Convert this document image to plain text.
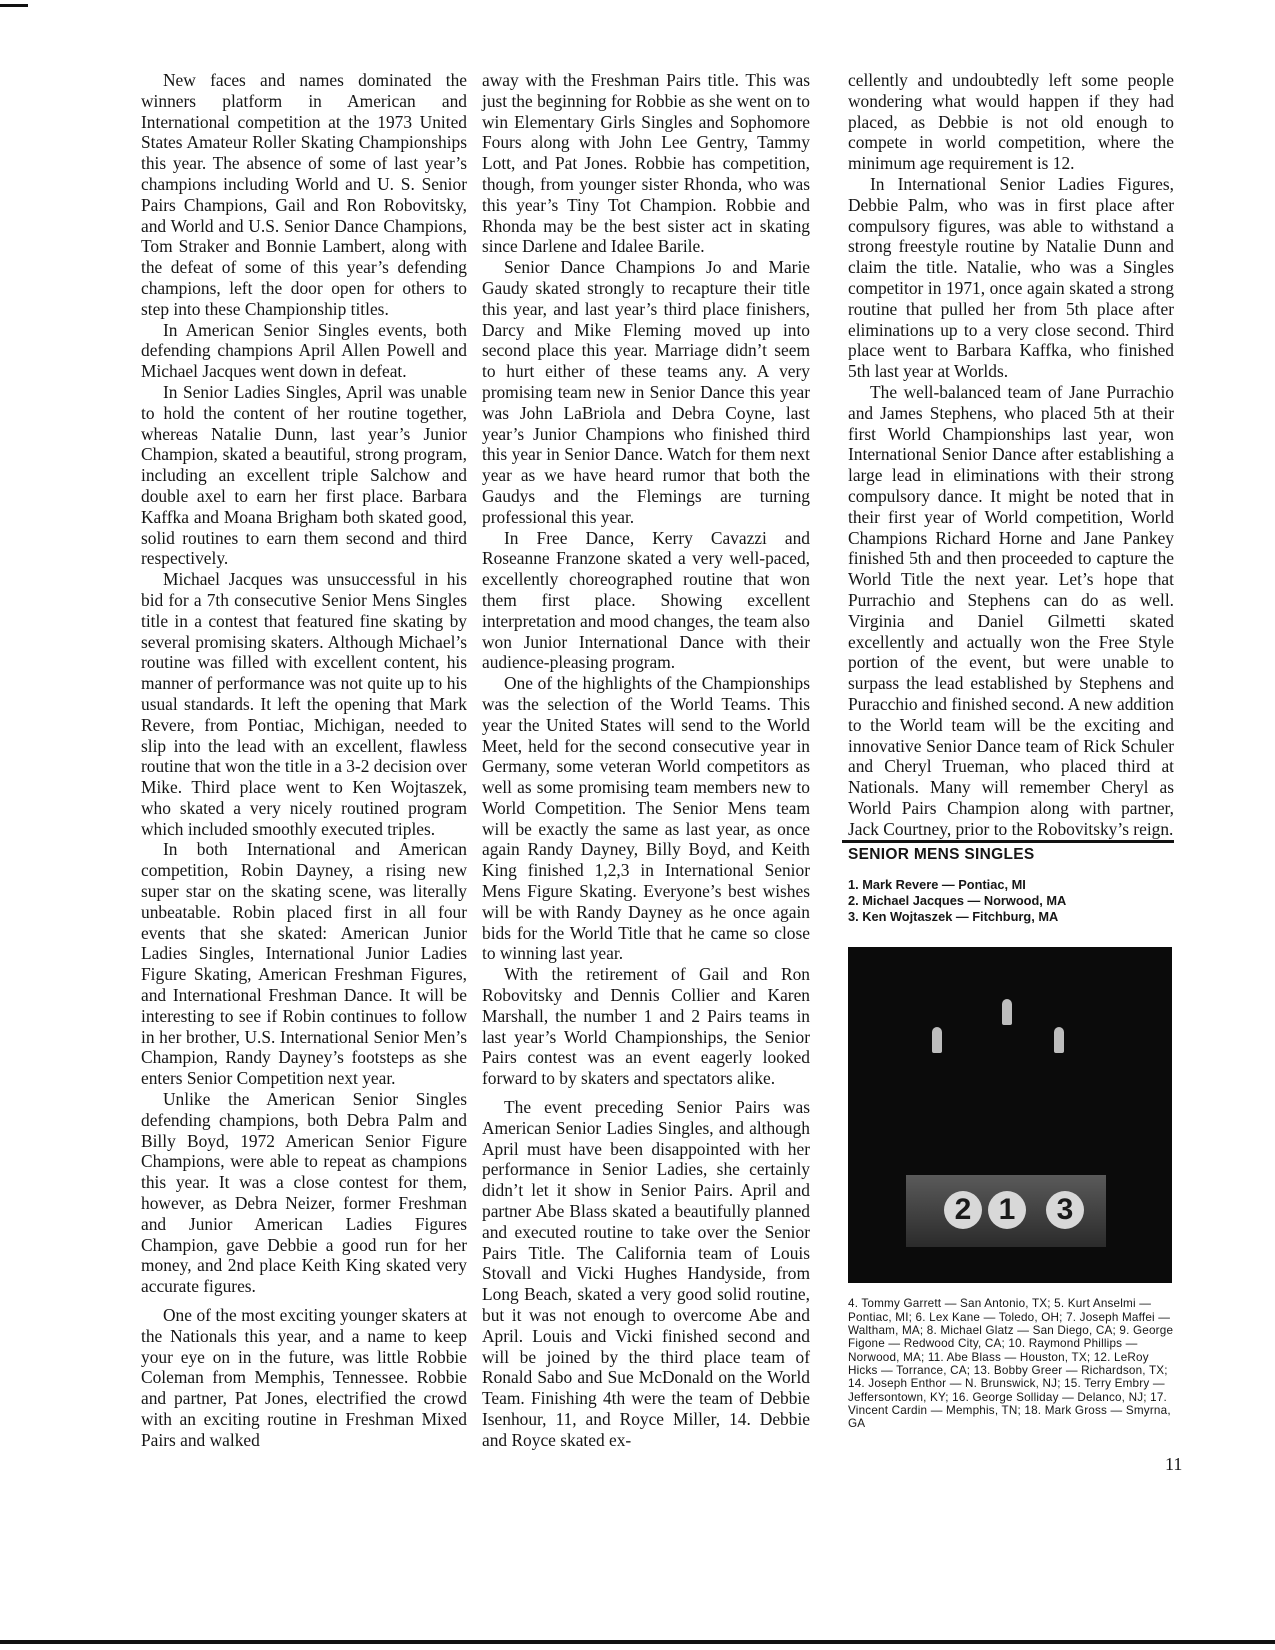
New faces and names dominated the winners platform in American and International competition at the 1973 United States Amateur Roller Skating Championships this year. The absence of some of last year’s champions including World and U. S. Senior Pairs Champions, Gail and Ron Robovitsky, and World and U.S. Senior Dance Champions, Tom Straker and Bonnie Lambert, along with the defeat of some of this year’s defending champions, left the door open for others to step into these Championship titles.

In American Senior Singles events, both defending champions April Allen Powell and Michael Jacques went down in defeat.

In Senior Ladies Singles, April was unable to hold the content of her routine together, whereas Natalie Dunn, last year’s Junior Champion, skated a beautiful, strong program, including an excellent triple Salchow and double axel to earn her first place. Barbara Kaffka and Moana Brigham both skated good, solid routines to earn them second and third respectively.

Michael Jacques was unsuccessful in his bid for a 7th consecutive Senior Mens Singles title in a contest that featured fine skating by several promising skaters. Although Michael’s routine was filled with excellent content, his manner of performance was not quite up to his usual standards. It left the opening that Mark Revere, from Pontiac, Michigan, needed to slip into the lead with an excellent, flawless routine that won the title in a 3-2 decision over Mike. Third place went to Ken Wojtaszek, who skated a very nicely routined program which included smoothly executed triples.

In both International and American competition, Robin Dayney, a rising new super star on the skating scene, was literally unbeatable. Robin placed first in all four events that she skated: American Junior Ladies Singles, International Junior Ladies Figure Skating, American Freshman Figures, and International Freshman Dance. It will be interesting to see if Robin continues to follow in her brother, U.S. International Senior Men’s Champion, Randy Dayney’s footsteps as she enters Senior Competition next year.

Unlike the American Senior Singles defending champions, both Debra Palm and Billy Boyd, 1972 American Senior Figure Champions, were able to repeat as champions this year. It was a close contest for them, however, as Debra Neizer, former Freshman and Junior American Ladies Figures Champion, gave Debbie a good run for her money, and 2nd place Keith King skated very accurate figures.

One of the most exciting younger skaters at the Nationals this year, and a name to keep your eye on in the future, was little Robbie Coleman from Memphis, Tennessee. Robbie and partner, Pat Jones, electrified the crowd with an exciting routine in Freshman Mixed Pairs and walked

away with the Freshman Pairs title. This was just the beginning for Robbie as she went on to win Elementary Girls Singles and Sophomore Fours along with John Lee Gentry, Tammy Lott, and Pat Jones. Robbie has competition, though, from younger sister Rhonda, who was this year’s Tiny Tot Champion. Robbie and Rhonda may be the best sister act in skating since Darlene and Idalee Barile.

Senior Dance Champions Jo and Marie Gaudy skated strongly to recapture their title this year, and last year’s third place finishers, Darcy and Mike Fleming moved up into second place this year. Marriage didn’t seem to hurt either of these teams any. A very promising team new in Senior Dance this year was John LaBriola and Debra Coyne, last year’s Junior Champions who finished third this year in Senior Dance. Watch for them next year as we have heard rumor that both the Gaudys and the Flemings are turning professional this year.

In Free Dance, Kerry Cavazzi and Roseanne Franzone skated a very well-paced, excellently choreographed routine that won them first place. Showing excellent interpretation and mood changes, the team also won Junior International Dance with their audience-pleasing program.

One of the highlights of the Championships was the selection of the World Teams. This year the United States will send to the World Meet, held for the second consecutive year in Germany, some veteran World competitors as well as some promising team members new to World Competition. The Senior Mens team will be exactly the same as last year, as once again Randy Dayney, Billy Boyd, and Keith King finished 1,2,3 in International Senior Mens Figure Skating. Everyone’s best wishes will be with Randy Dayney as he once again bids for the World Title that he came so close to winning last year.

With the retirement of Gail and Ron Robovitsky and Dennis Collier and Karen Marshall, the number 1 and 2 Pairs teams in last year’s World Championships, the Senior Pairs contest was an event eagerly looked forward to by skaters and spectators alike.

The event preceding Senior Pairs was American Senior Ladies Singles, and although April must have been disappointed with her performance in Senior Ladies, she certainly didn’t let it show in Senior Pairs. April and partner Abe Blass skated a beautifully planned and executed routine to take over the Senior Pairs Title. The California team of Louis Stovall and Vicki Hughes Handyside, from Long Beach, skated a very good solid routine, but it was not enough to overcome Abe and April. Louis and Vicki finished second and will be joined by the third place team of Ronald Sabo and Sue McDonald on the World Team. Finishing 4th were the team of Debbie Isenhour, 11, and Royce Miller, 14. Debbie and Royce skated ex-

cellently and undoubtedly left some people wondering what would happen if they had placed, as Debbie is not old enough to compete in world competition, where the minimum age requirement is 12.

In International Senior Ladies Figures, Debbie Palm, who was in first place after compulsory figures, was able to withstand a strong freestyle routine by Natalie Dunn and claim the title. Natalie, who was a Singles competitor in 1971, once again skated a strong routine that pulled her from 5th place after eliminations up to a very close second. Third place went to Barbara Kaffka, who finished 5th last year at Worlds.

The well-balanced team of Jane Purrachio and James Stephens, who placed 5th at their first World Championships last year, won International Senior Dance after establishing a large lead in eliminations with their strong compulsory dance. It might be noted that in their first year of World competition, World Champions Richard Horne and Jane Pankey finished 5th and then proceeded to capture the World Title the next year. Let’s hope that Purrachio and Stephens can do as well. Virginia and Daniel Gilmetti skated excellently and actually won the Free Style portion of the event, but were unable to surpass the lead established by Stephens and Puracchio and finished second. A new addition to the World team will be the exciting and innovative Senior Dance team of Rick Schuler and Cheryl Trueman, who placed third at Nationals. Many will remember Cheryl as World Pairs Champion along with partner, Jack Courtney, prior to the Robovitsky’s reign.

SENIOR MENS SINGLES
1. Mark Revere — Pontiac, MI
2. Michael Jacques — Norwood, MA
3. Ken Wojtaszek — Fitchburg, MA
2 1	3
4. Tommy Garrett — San Antonio, TX; 5. Kurt Anselmi — Pontiac, MI; 6. Lex Kane — Toledo, OH; 7. Joseph Maffei — Waltham, MA; 8. Michael Glatz — San Diego, CA; 9. George Figone — Redwood City, CA; 10. Raymond Phillips — Norwood, MA; 11. Abe Blass — Houston, TX; 12. LeRoy Hicks — Torrance, CA; 13. Bobby Greer — Richardson, TX; 14. Joseph Enthor — N. Brunswick, NJ; 15. Terry Embry — Jeffersontown, KY; 16. George Solliday — Delanco, NJ; 17. Vincent Cardin — Memphis, TN; 18. Mark Gross — Smyrna, GA
11
